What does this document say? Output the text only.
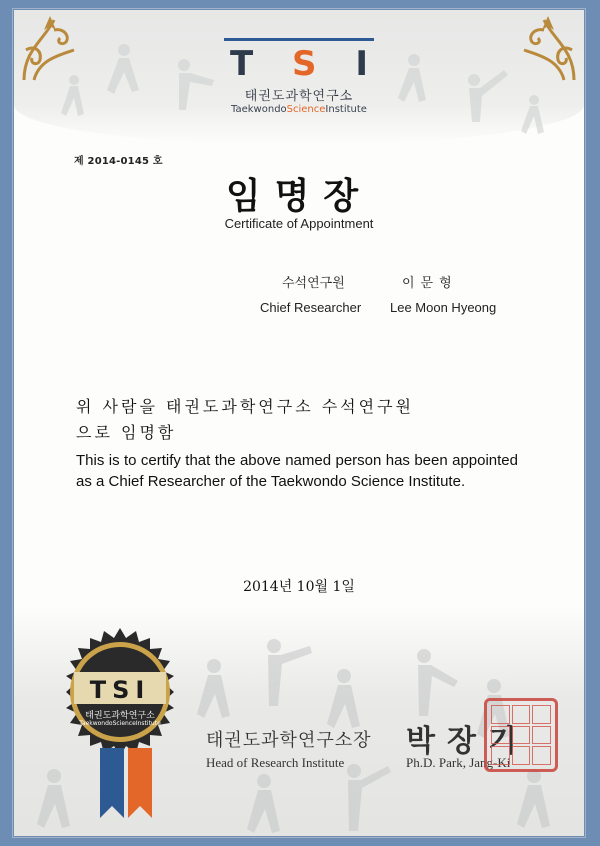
T S I
태권도과학연구소
TaekwondoScienceInstitute
제 2014-0145 호
임명장
Certificate of Appointment
수석연구원	이문형
Chief Researcher Lee Moon Hyeong
위 사람을 태권도과학연구소 수석연구원
으로 임명함
This is to certify that the above named person has been appointed as a Chief Researcher of the Taekwondo Science Institute.
2014년 10월 1일
TSI
태권도과학연구소
TaekwondoScienceInstitute
태권도과학연구소장
Head of Research Institute
박장기
Ph.D. Park, Jang-Ki
